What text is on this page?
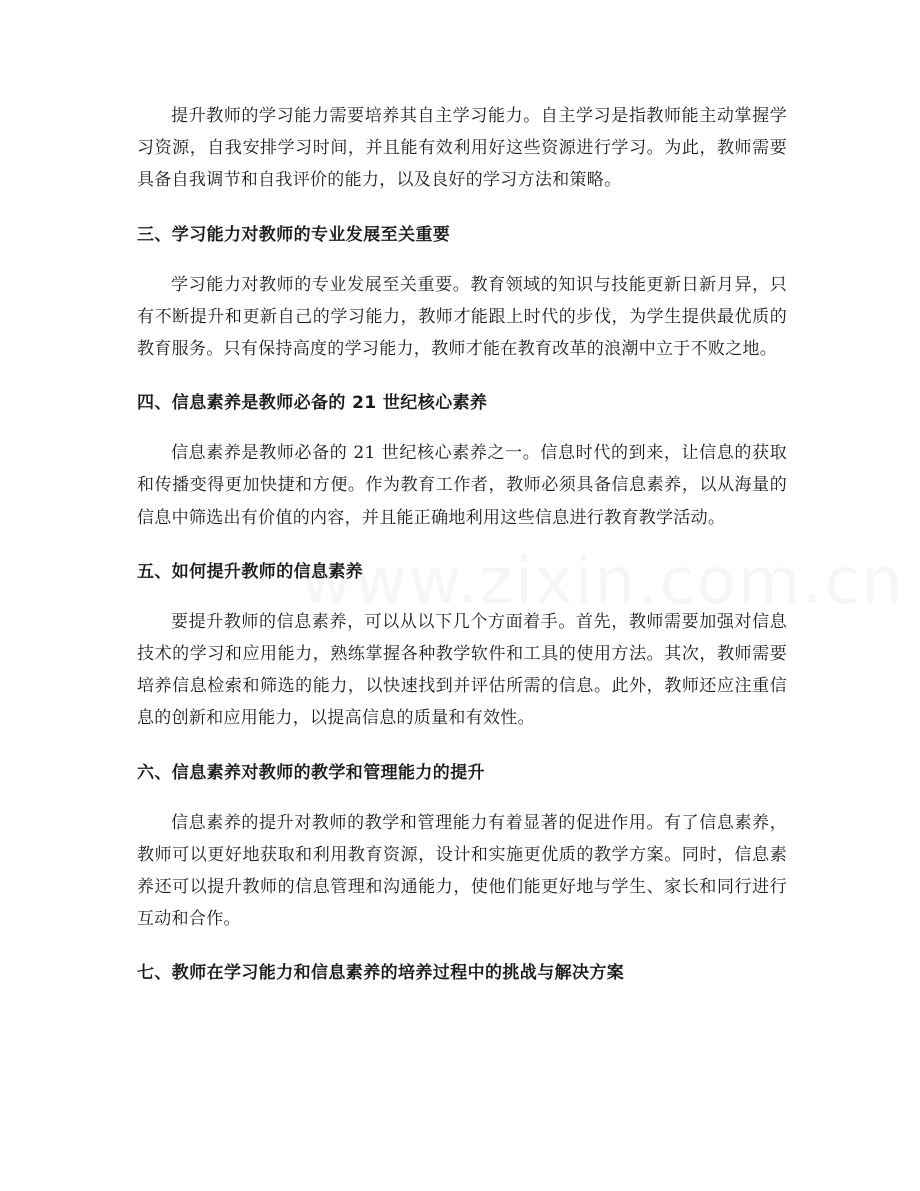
www.zixin.com.cn

提升教师的学习能力需要培养其自主学习能力。自主学习是指教师能主动掌握学习资源，自我安排学习时间，并且能有效利用好这些资源进行学习。为此，教师需要具备自我调节和自我评价的能力，以及良好的学习方法和策略。

三、学习能力对教师的专业发展至关重要

学习能力对教师的专业发展至关重要。教育领域的知识与技能更新日新月异，只有不断提升和更新自己的学习能力，教师才能跟上时代的步伐，为学生提供最优质的教育服务。只有保持高度的学习能力，教师才能在教育改革的浪潮中立于不败之地。

四、信息素养是教师必备的 21 世纪核心素养

信息素养是教师必备的 21 世纪核心素养之一。信息时代的到来，让信息的获取和传播变得更加快捷和方便。作为教育工作者，教师必须具备信息素养，以从海量的信息中筛选出有价值的内容，并且能正确地利用这些信息进行教育教学活动。

五、如何提升教师的信息素养

要提升教师的信息素养，可以从以下几个方面着手。首先，教师需要加强对信息技术的学习和应用能力，熟练掌握各种教学软件和工具的使用方法。其次，教师需要培养信息检索和筛选的能力，以快速找到并评估所需的信息。此外，教师还应注重信息的创新和应用能力，以提高信息的质量和有效性。

六、信息素养对教师的教学和管理能力的提升

信息素养的提升对教师的教学和管理能力有着显著的促进作用。有了信息素养，教师可以更好地获取和利用教育资源，设计和实施更优质的教学方案。同时，信息素养还可以提升教师的信息管理和沟通能力，使他们能更好地与学生、家长和同行进行互动和合作。

七、教师在学习能力和信息素养的培养过程中的挑战与解决方案
